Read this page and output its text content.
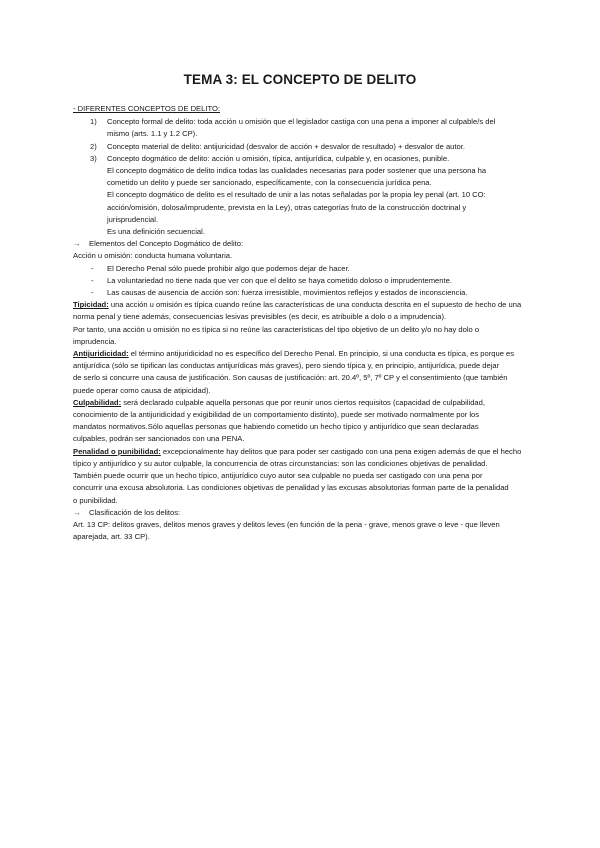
TEMA 3: EL CONCEPTO DE DELITO
- DIFERENTES CONCEPTOS DE DELITO:
1) Concepto formal de delito: toda acción u omisión que el legislador castiga con una pena a imponer al culpable/s del
mismo (arts. 1.1 y 1.2 CP).
2) Concepto material de delito: antijuricidad (desvalor de acción + desvalor de resultado) + desvalor de autor.
3) Concepto dogmático de delito: acción u omisión, típica, antijurídica, culpable y, en ocasiones, punible.
El concepto dogmático de delito indica todas las cualidades necesarias para poder sostener que una persona ha
cometido un delito y puede ser sancionado, específicamente, con la consecuencia jurídica pena.
El concepto dogmático de delito es el resultado de unir a las notas señaladas por la propia ley penal (art. 10 CO:
acción/omisión, dolosa/imprudente, prevista en la Ley), otras categorías fruto de la construcción doctrinal y
jurisprudencial.
Es una definición secuencial.
→ Elementos del Concepto Dogmático de delito:
Acción u omisión: conducta humana voluntaria.
- El Derecho Penal sólo puede prohibir algo que podemos dejar de hacer.
- La voluntariedad no tiene nada que ver con que el delito se haya cometido doloso o imprudentemente.
- Las causas de ausencia de acción son: fuerza irresistible, movimientos reflejos y estados de inconsciencia.
Tipicidad: una acción u omisión es típica cuando reúne las características de una conducta descrita en el supuesto de hecho de una
norma penal y tiene además, consecuencias lesivas previsibles (es decir, es atribuible a dolo o a imprudencia).
Por tanto, una acción u omisión no es típica si no reúne las características del tipo objetivo de un delito y/o no hay dolo o
imprudencia.
Antijuridicidad: el término antijuridicidad no es específico del Derecho Penal. En principio, si una conducta es típica, es porque es
antijurídica (sólo se tipifican las conductas antijurídicas más graves), pero siendo típica y, en principio, antijurídica, puede dejar
de serlo si concurre una causa de justificación. Son causas de justificación: art. 20.4º, 5º, 7º CP y el consentimiento (que también
puede operar como causa de atipicidad).
Culpabilidad: será declarado culpable aquella personas que por reunir unos ciertos requisitos (capacidad de culpabilidad,
conocimiento de la antijuridicidad y exigibilidad de un comportamiento distinto), puede ser motivado normalmente por los
mandatos normativos.Sólo aquellas personas que habiendo cometido un hecho típico y antijurídico que sean declaradas
culpables, podrán ser sancionados con una PENA.
Penalidad o punibilidad: excepcionalmente hay delitos que para poder ser castigado con una pena exigen además de que el hecho
típico y antijurídico y su autor culpable, la concurrencia de otras circunstancias: son las condiciones objetivas de penalidad.
También puede ocurrir que un hecho típico, antijurídico cuyo autor sea culpable no pueda ser castigado con una pena por
concurrir una excusa absolutoria. Las condiciones objetivas de penalidad y las excusas absolutorias forman parte de la penalidad
o punibilidad.
→ Clasificación de los delitos:
Art. 13 CP: delitos graves, delitos menos graves y delitos leves (en función de la pena - grave, menos grave o leve - que lleven
aparejada, art. 33 CP).
